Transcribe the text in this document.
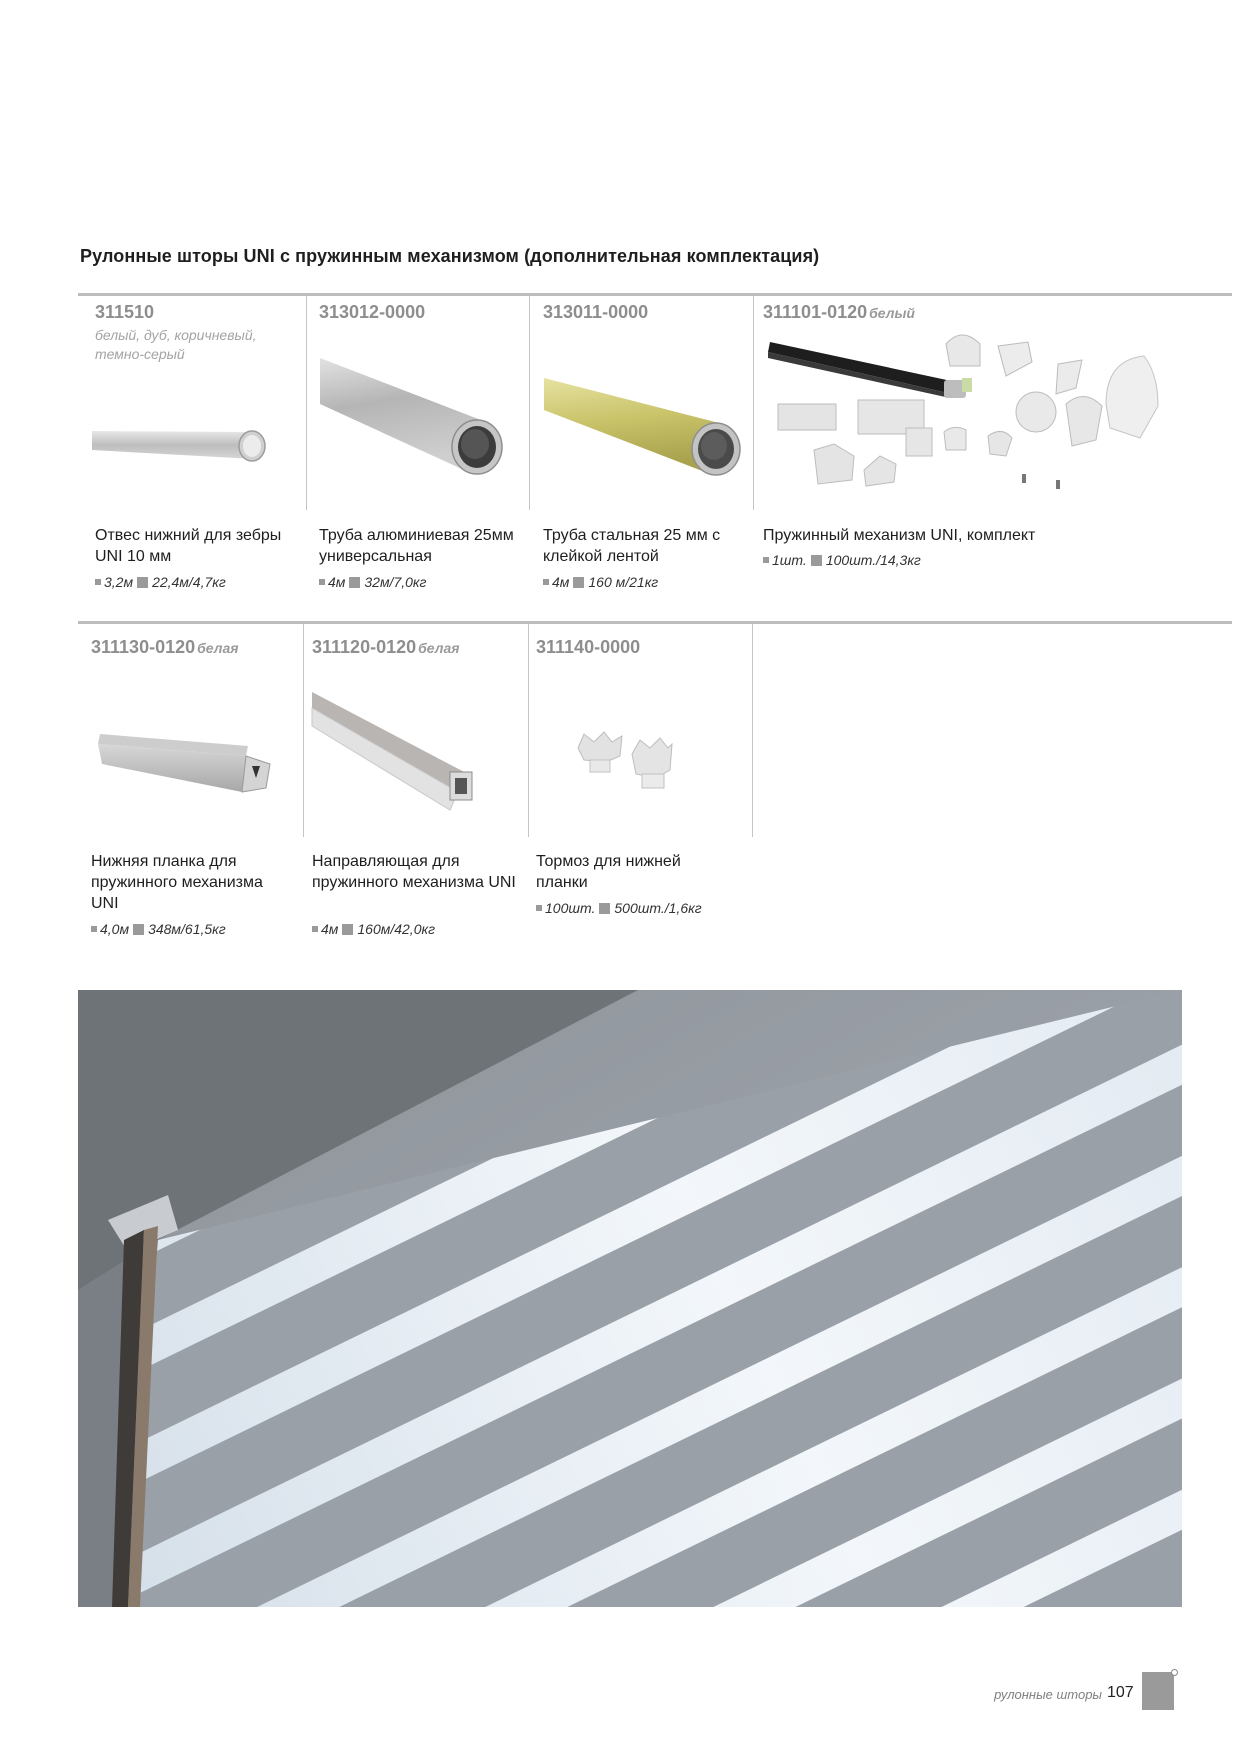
Рулонные шторы UNI с пружинным механизмом (дополнительная комплектация)
311510
белый, дуб, коричневый, темно-серый
Отвес нижний для зебры UNI 10 мм
3,2м 22,4м/4,7кг
313012-0000
Труба алюминиевая 25мм универсальная
4м 32м/7,0кг
313011-0000
Труба стальная 25 мм с клейкой лентой
4м 160 м/21кг
311101-0120 белый
Пружинный механизм UNI, комплект
1шт. 100шт./14,3кг
311130-0120 белая
Нижняя планка для пружинного механизма UNI
4,0м 348м/61,5кг
311120-0120 белая
Направляющая для пружинного механизма UNI
4м 160м/42,0кг
311140-0000
Тормоз для нижней планки
100шт. 500шт./1,6кг
рулонные шторы 107
